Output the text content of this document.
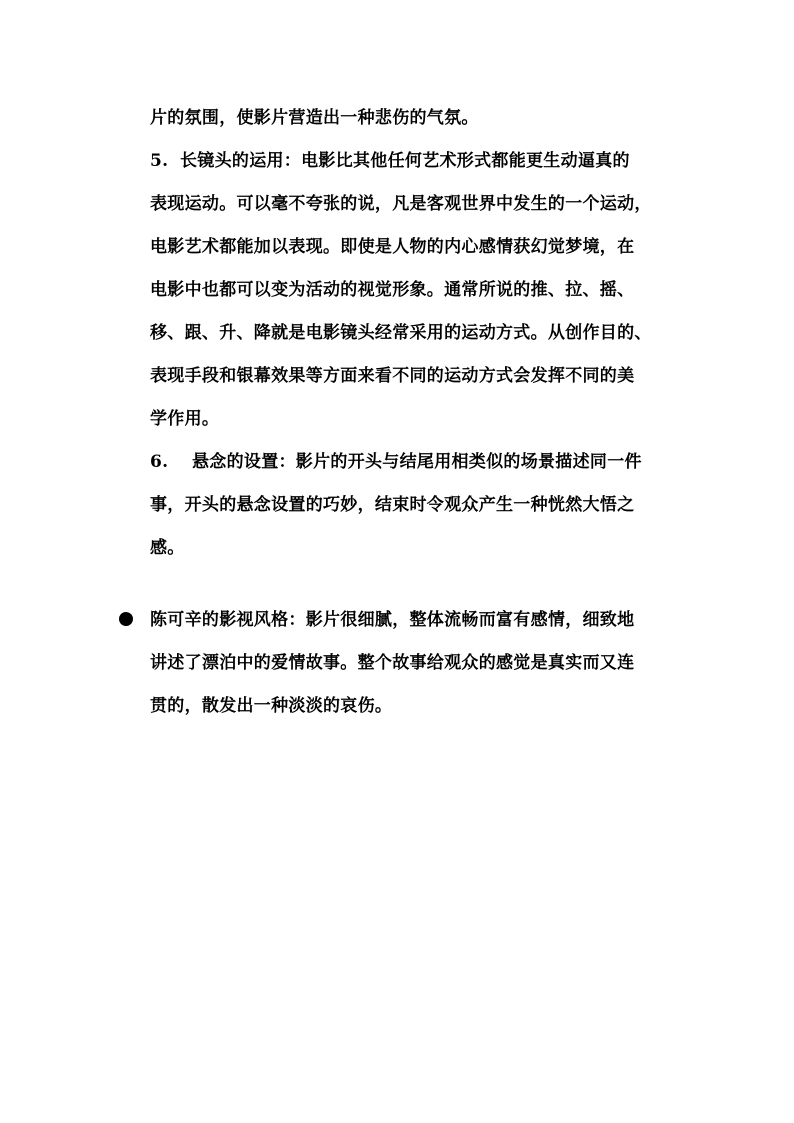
片的氛围，使影片营造出一种悲伤的气氛。
5. 长镜头的运用：电影比其他任何艺术形式都能更生动逼真的
表现运动。可以毫不夸张的说，凡是客观世界中发生的一个运动，
电影艺术都能加以表现。即使是人物的内心感情获幻觉梦境，在
电影中也都可以变为活动的视觉形象。通常所说的推、拉、摇、
移、跟、升、降就是电影镜头经常采用的运动方式。从创作目的、
表现手段和银幕效果等方面来看不同的运动方式会发挥不同的美
学作用。
6. 悬念的设置：影片的开头与结尾用相类似的场景描述同一件
事，开头的悬念设置的巧妙，结束时令观众产生一种恍然大悟之
感。
陈可辛的影视风格：影片很细腻，整体流畅而富有感情，细致地
讲述了漂泊中的爱情故事。整个故事给观众的感觉是真实而又连
贯的，散发出一种淡淡的哀伤。
